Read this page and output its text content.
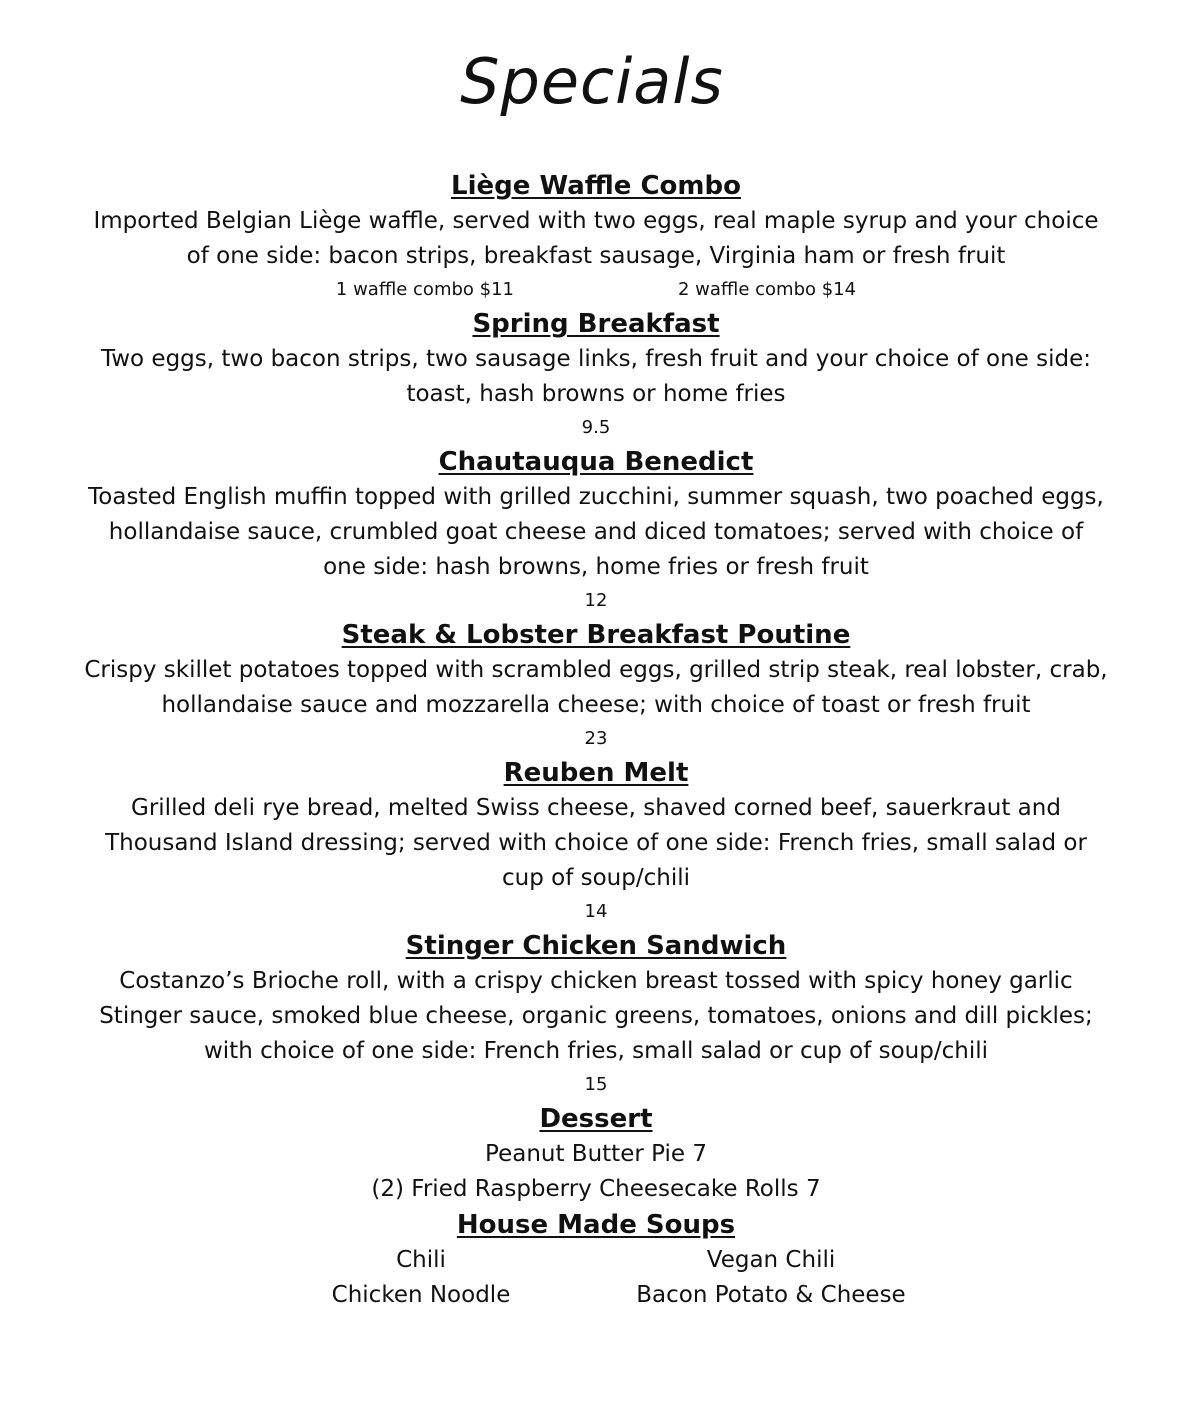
Specials

Liège Waffle Combo

Imported Belgian Liège waffle, served with two eggs, real maple syrup and your choice

of one side: bacon strips, breakfast sausage, Virginia ham or fresh fruit

1 waffle combo $11	2 waffle combo $14

Spring Breakfast

Two eggs, two bacon strips, two sausage links, fresh fruit and your choice of one side:

toast, hash browns or home fries

9.5

Chautauqua Benedict

Toasted English muffin topped with grilled zucchini, summer squash, two poached eggs,

hollandaise sauce, crumbled goat cheese and diced tomatoes; served with choice of

one side: hash browns, home fries or fresh fruit

12

Steak & Lobster Breakfast Poutine

Crispy skillet potatoes topped with scrambled eggs, grilled strip steak, real lobster, crab,

hollandaise sauce and mozzarella cheese; with choice of toast or fresh fruit

23

Reuben Melt

Grilled deli rye bread, melted Swiss cheese, shaved corned beef, sauerkraut and

Thousand Island dressing; served with choice of one side: French fries, small salad or

cup of soup/chili

14

Stinger Chicken Sandwich

Costanzo’s Brioche roll, with a crispy chicken breast tossed with spicy honey garlic

Stinger sauce, smoked blue cheese, organic greens, tomatoes, onions and dill pickles;

with choice of one side: French fries, small salad or cup of soup/chili

15

Dessert

Peanut Butter Pie 7

(2) Fried Raspberry Cheesecake Rolls 7

House Made Soups

Chili	Vegan Chili
Chicken Noodle	Bacon Potato & Cheese
